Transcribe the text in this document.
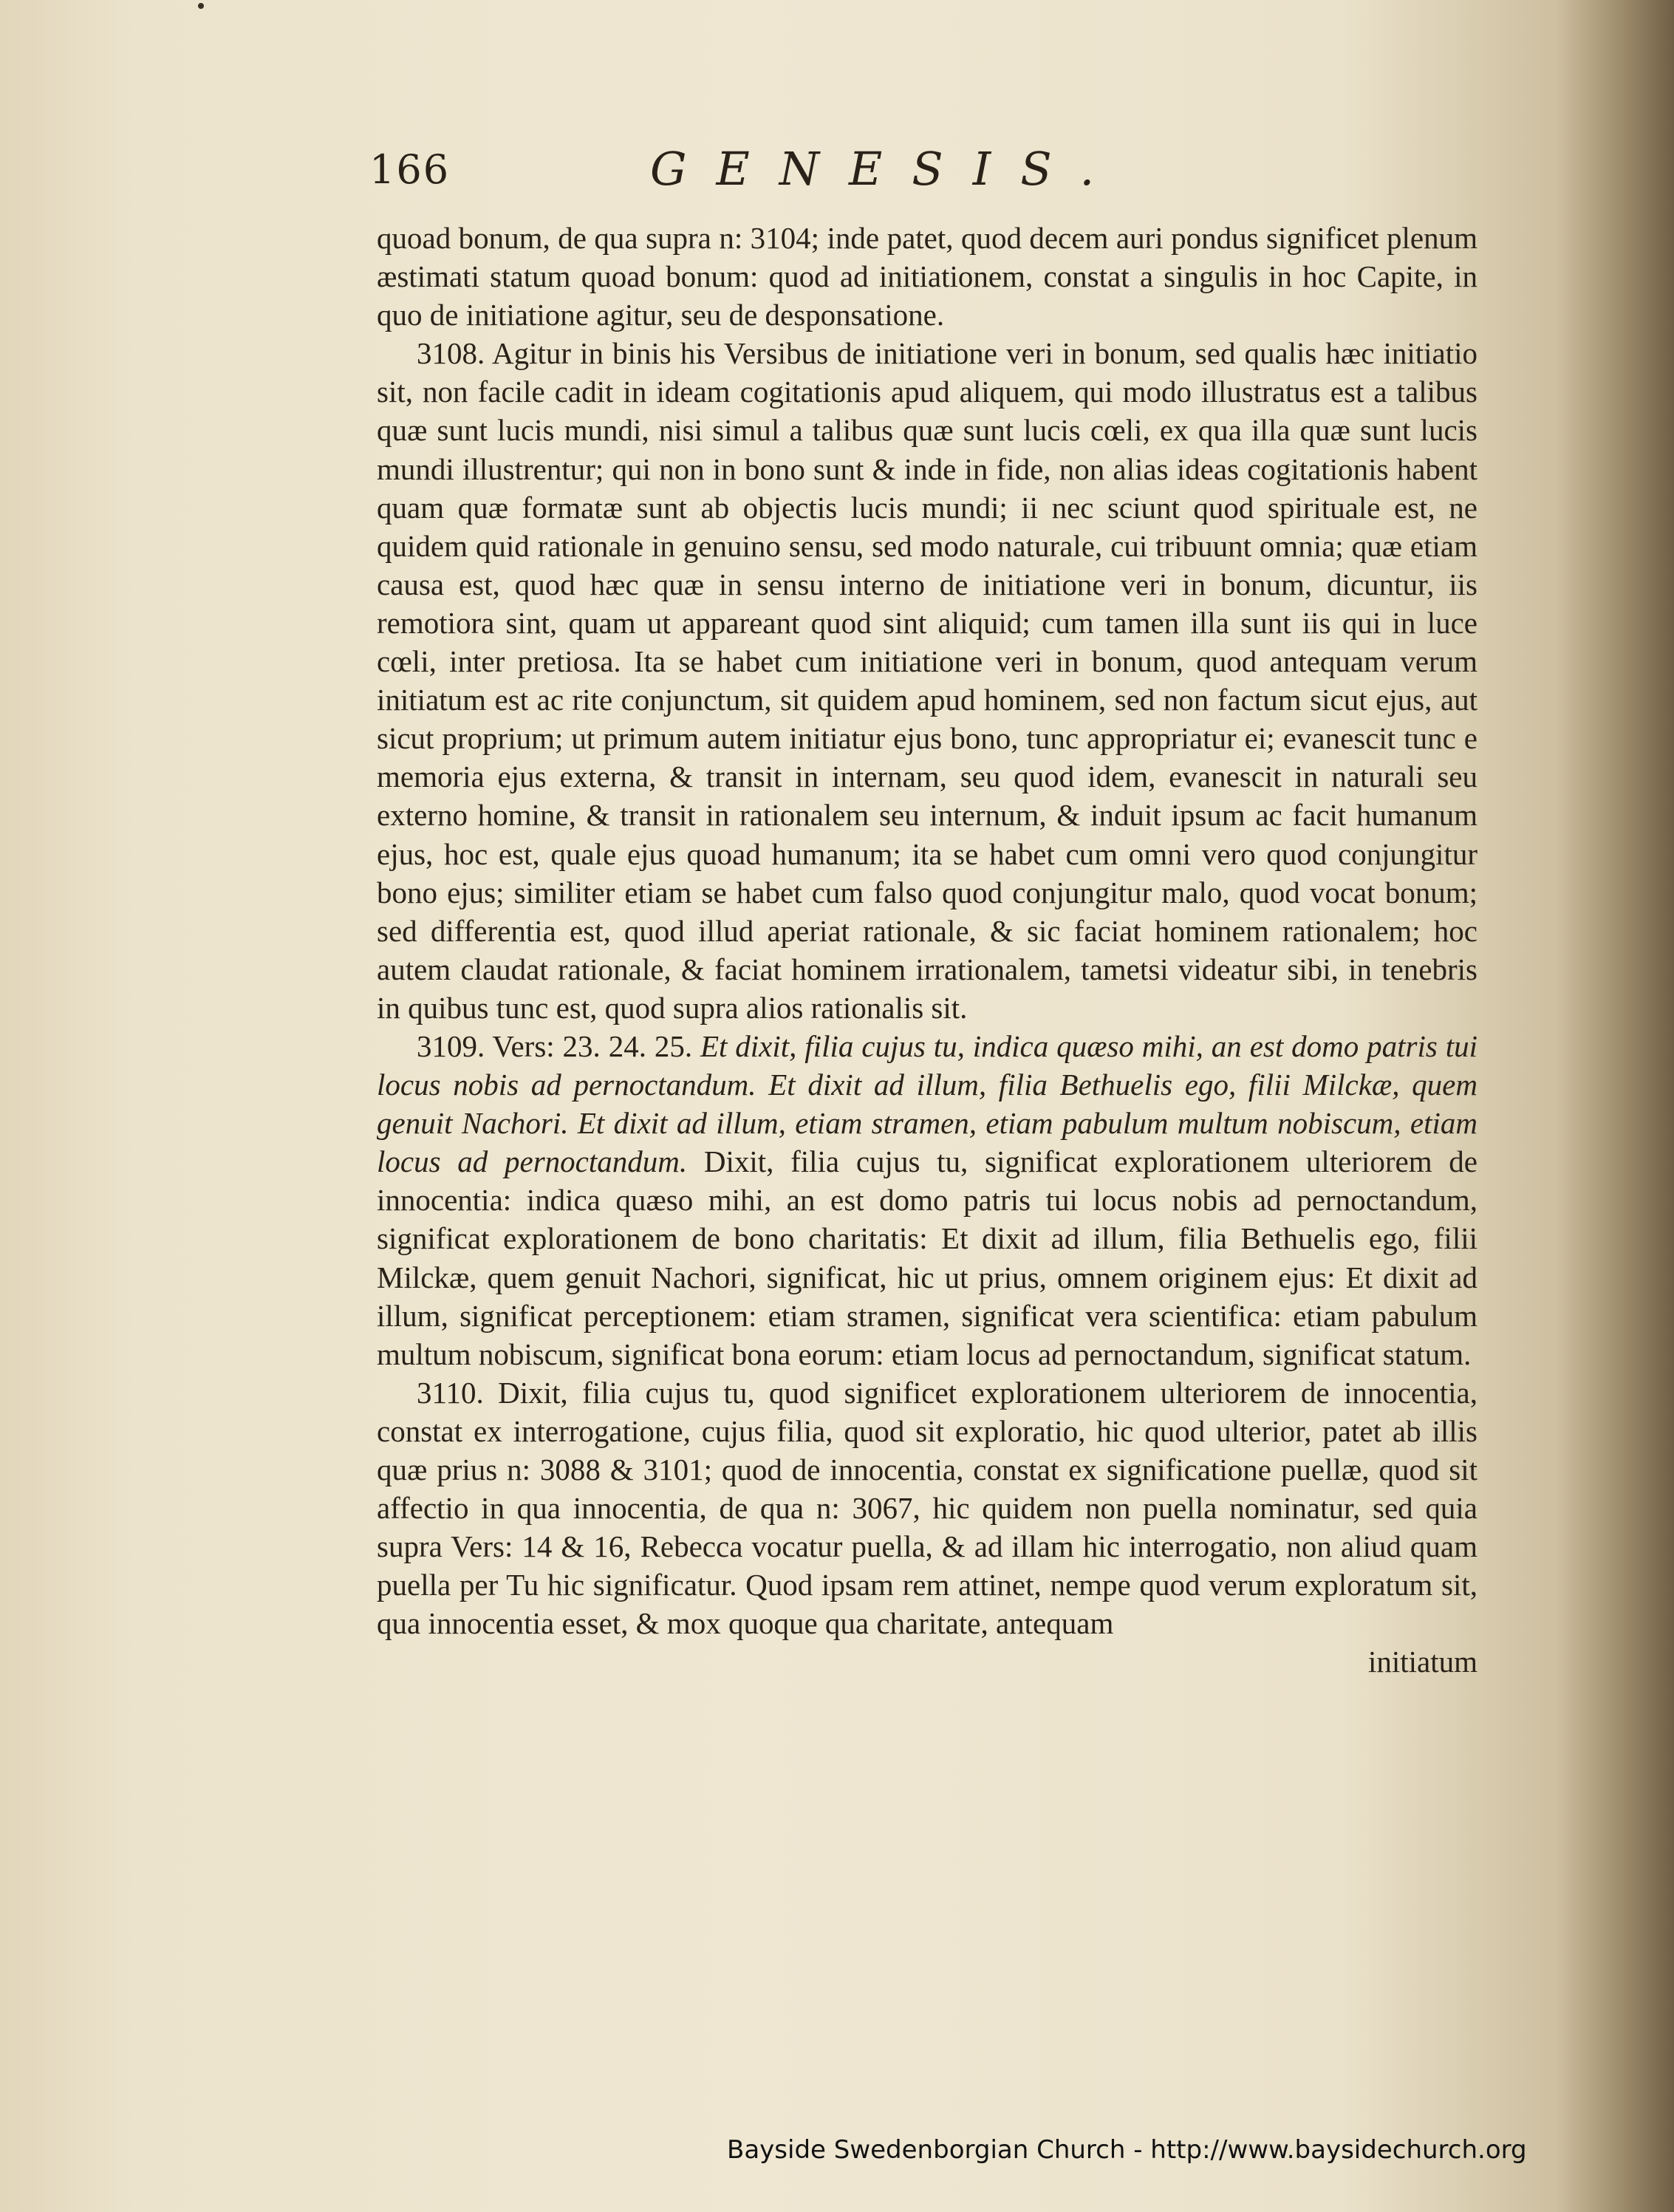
166	GENESIS.

quoad bonum, de qua supra n: 3104; inde patet, quod decem auri pondus significet plenum æstimati statum quoad bonum: quod ad initiationem, constat a singulis in hoc Capite, in quo de initiatione agitur, seu de desponsatione.

3108. Agitur in binis his Versibus de initiatione veri in bonum, sed qualis hæc initiatio sit, non facile cadit in ideam cogitationis apud aliquem, qui modo illustratus est a talibus quæ sunt lucis mundi, nisi simul a talibus quæ sunt lucis cœli, ex qua illa quæ sunt lucis mundi illustrentur; qui non in bono sunt & inde in fide, non alias ideas cogitationis habent quam quæ formatæ sunt ab objectis lucis mundi; ii nec sciunt quod spirituale est, ne quidem quid rationale in genuino sensu, sed modo naturale, cui tribuunt omnia; quæ etiam causa est, quod hæc quæ in sensu interno de initiatione veri in bonum, dicuntur, iis remotiora sint, quam ut appareant quod sint aliquid; cum tamen illa sunt iis qui in luce cœli, inter pretiosa. Ita se habet cum initiatione veri in bonum, quod antequam verum initiatum est ac rite conjunctum, sit quidem apud hominem, sed non factum sicut ejus, aut sicut proprium; ut primum autem initiatur ejus bono, tunc appropriatur ei; evanescit tunc e memoria ejus externa, & transit in internam, seu quod idem, evanescit in naturali seu externo homine, & transit in rationalem seu internum, & induit ipsum ac facit humanum ejus, hoc est, quale ejus quoad humanum; ita se habet cum omni vero quod conjungitur bono ejus; similiter etiam se habet cum falso quod conjungitur malo, quod vocat bonum; sed differentia est, quod illud aperiat rationale, & sic faciat hominem rationalem; hoc autem claudat rationale, & faciat hominem irrationalem, tametsi videatur sibi, in tenebris in quibus tunc est, quod supra alios rationalis sit.

3109. Vers: 23. 24. 25. Et dixit, filia cujus tu, indica quæso mihi, an est domo patris tui locus nobis ad pernoctandum. Et dixit ad illum, filia Bethuelis ego, filii Milckæ, quem genuit Nachori. Et dixit ad illum, etiam stramen, etiam pabulum multum nobiscum, etiam locus ad pernoctandum. Dixit, filia cujus tu, significat explorationem ulteriorem de innocentia: indica quæso mihi, an est domo patris tui locus nobis ad pernoctandum, significat explorationem de bono charitatis: Et dixit ad illum, filia Bethuelis ego, filii Milckæ, quem genuit Nachori, significat, hic ut prius, omnem originem ejus: Et dixit ad illum, significat perceptionem: etiam stramen, significat vera scientifica: etiam pabulum multum nobiscum, significat bona eorum: etiam locus ad pernoctandum, significat statum.

3110. Dixit, filia cujus tu, quod significet explorationem ulteriorem de innocentia, constat ex interrogatione, cujus filia, quod sit exploratio, hic quod ulterior, patet ab illis quæ prius n: 3088 & 3101; quod de innocentia, constat ex significatione puellæ, quod sit affectio in qua innocentia, de qua n: 3067, hic quidem non puella nominatur, sed quia supra Vers: 14 & 16, Rebecca vocatur puella, & ad illam hic interrogatio, non aliud quam puella per Tu hic significatur. Quod ipsam rem attinet, nempe quod verum exploratum sit, qua innocentia esset, & mox quoque qua charitate, antequam

initiatum

Bayside Swedenborgian Church - http://www.baysidechurch.org
